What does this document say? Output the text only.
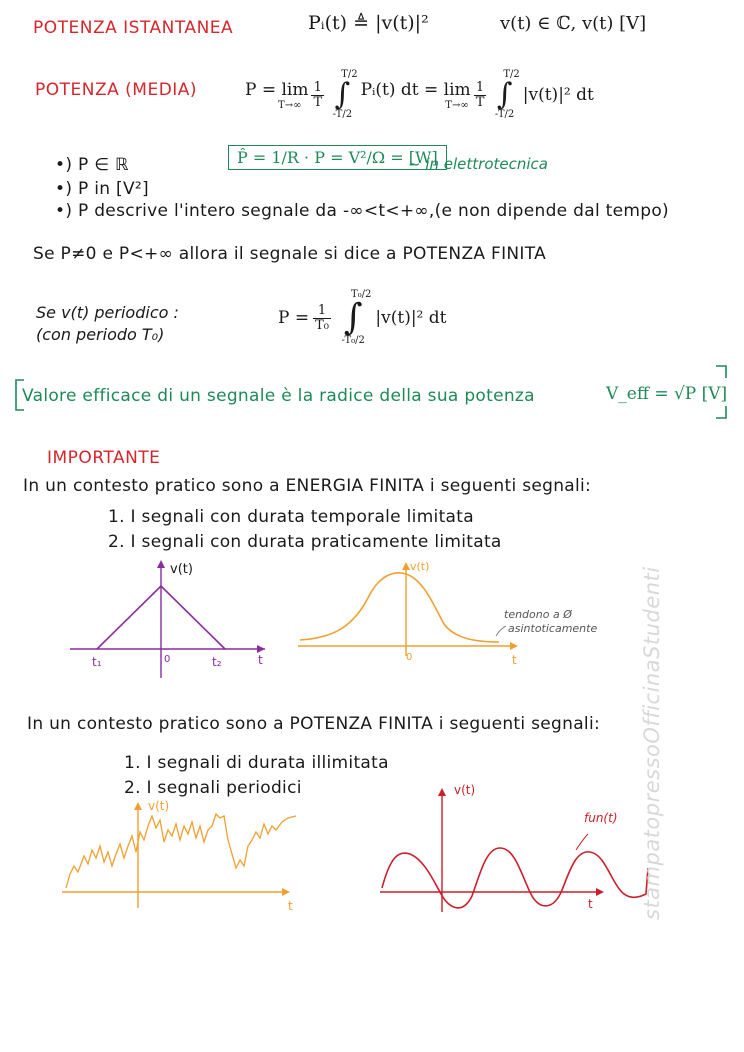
POTENZA ISTANTANEA	Pᵢ(t) ≜ |v(t)|²	v(t) ∈ ℂ, v(t) [V]
POTENZA (MEDIA)	P = lim
$T\to\infty \frac{1}{T}$
T/2
∫
-T/2
Pᵢ(t) dt = lim
$T\to\infty \frac{1}{T}$
T/2
∫
-T/2
|v(t)|² dt
•) P ∈ ℝ
•) P in [V²]
•) P descrive l'intero segnale da -∞<t<+∞,(e non dipende dal tempo)
P̂ = 1/R · P = V²/Ω = [W]
~ in elettrotecnica
Se P≠0 e P<+∞ allora il segnale si dice a POTENZA FINITA
Se v(t) periodico :
(con periodo T₀)
$P = \frac{1}{\text{T₀}}$
T₀/2
∫
-T₀/2
|v(t)|² dt
Valore efficace di un segnale è la radice della sua potenza	V_eff = √P [V]
IMPORTANTE
In un contesto pratico sono a ENERGIA FINITA i seguenti segnali:
1. I segnali con durata temporale limitata
2. I segnali con durata praticamente limitata
v(t)
t₁	0	t₂	t
v(t)
0	t
tendono a Ø
asintoticamente
In un contesto pratico sono a POTENZA FINITA i seguenti segnali:
1. I segnali di durata illimitata
2. I segnali periodici
v(t)
t
v(t)
t
fun(t) stampatopressoOfficinaStudenti
